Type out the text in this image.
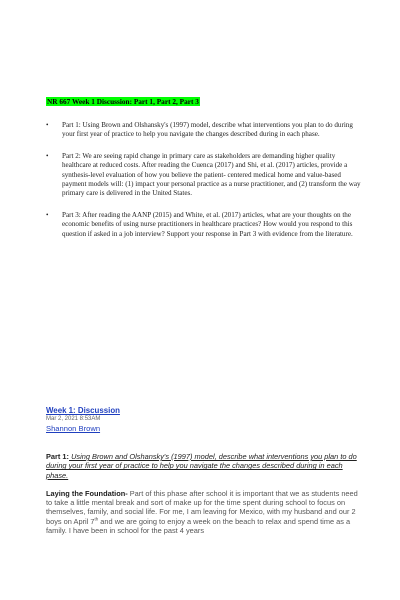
NR 667 Week 1 Discussion: Part 1, Part 2, Part 3
• Part 1: Using Brown and Olshansky's (1997) model, describe what interventions you plan to do during your first year of practice to help you navigate the changes described during in each phase.
• Part 2: We are seeing rapid change in primary care as stakeholders are demanding higher quality healthcare at reduced costs. After reading the Cuenca (2017) and Shi, et al. (2017) articles, provide a synthesis-level evaluation of how you believe the patient- centered medical home and value-based payment models will: (1) impact your personal practice as a nurse practitioner, and (2) transform the way primary care is delivered in the United States.
• Part 3: After reading the AANP (2015) and White, et al. (2017) articles, what are your thoughts on the economic benefits of using nurse practitioners in healthcare practices? How would you respond to this question if asked in a job interview? Support your response in Part 3 with evidence from the literature.
Week 1: Discussion
Mar 2, 2021 8:53AM
Shannon Brown

Part 1: Using Brown and Olshansky's (1997) model, describe what interventions you plan to do during your first year of practice to help you navigate the changes described during in each phase.

Laying the Foundation- Part of this phase after school it is important that we as students need to take a little mental break and sort of make up for the time spent during school to focus on themselves, family, and social life. For me, I am leaving for Mexico, with my husband and our 2 boys on April 7th and we are going to enjoy a week on the beach to relax and spend time as a family. I have been in school for the past 4 years
